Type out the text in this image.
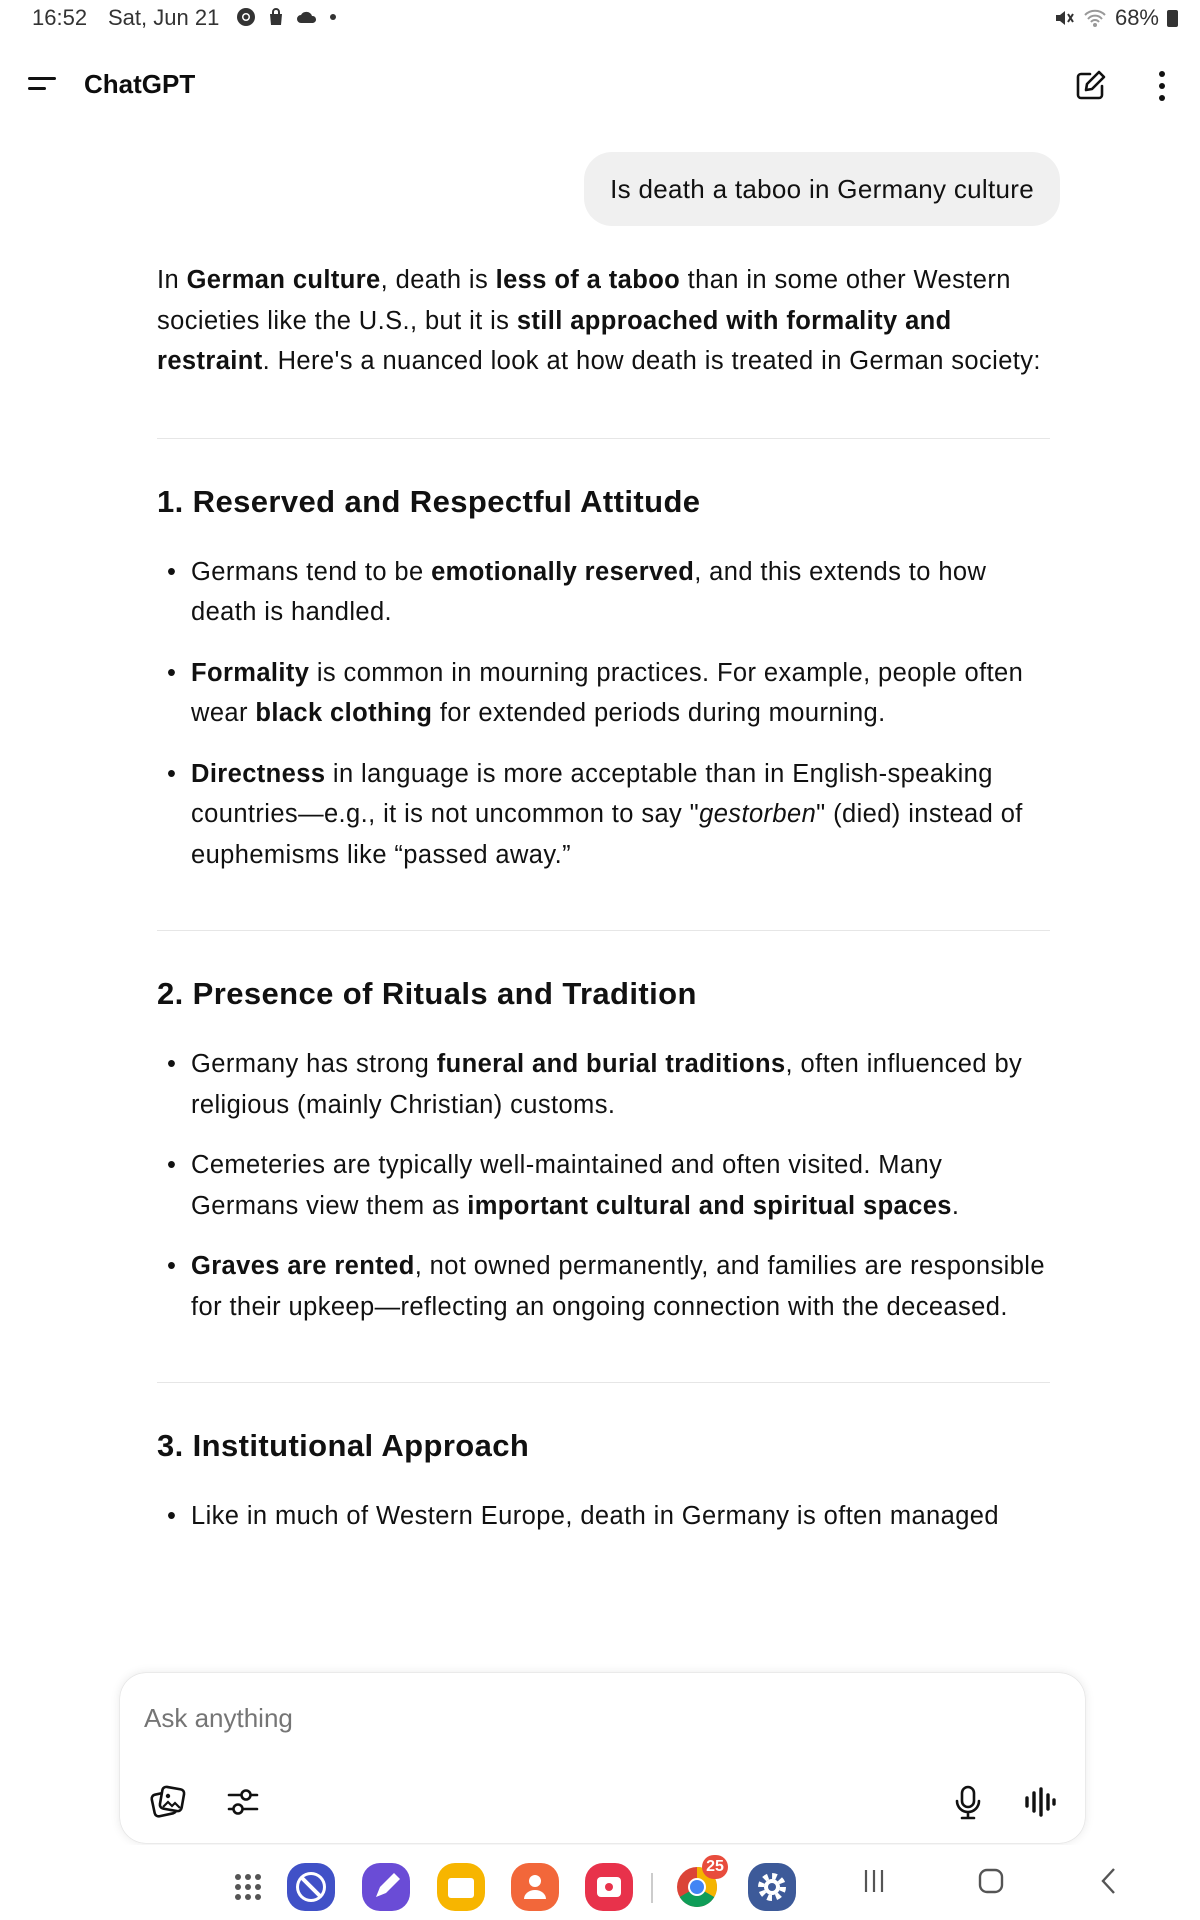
16:52 Sat, Jun 21	68%
ChatGPT
Is death a taboo in Germany culture

In German culture, death is less of a taboo than in some other Western societies like the U.S., but it is still approached with formality and restraint. Here's a nuanced look at how death is treated in German society:

1. Reserved and Respectful Attitude
• Germans tend to be emotionally reserved, and this extends to how death is handled.
• Formality is common in mourning practices. For example, people often wear black clothing for extended periods during mourning.
• Directness in language is more acceptable than in English-speaking countries—e.g., it is not uncommon to say "gestorben" (died) instead of euphemisms like “passed away.”
2. Presence of Rituals and Tradition
• Germany has strong funeral and burial traditions, often influenced by religious (mainly Christian) customs.
• Cemeteries are typically well-maintained and often visited. Many Germans view them as important cultural and spiritual spaces.
• Graves are rented, not owned permanently, and families are responsible for their upkeep—reflecting an ongoing connection with the deceased.
3. Institutional Approach
• Like in much of Western Europe, death in Germany is often managed
Ask anything
25
